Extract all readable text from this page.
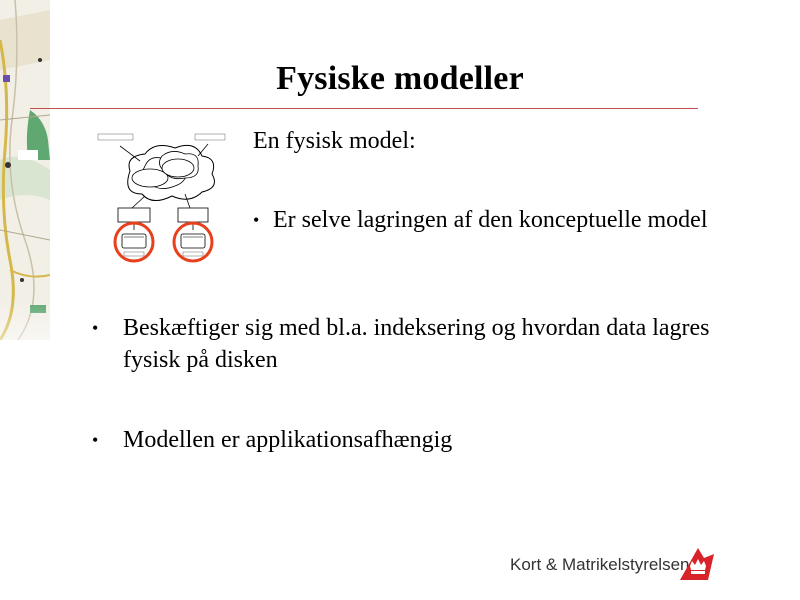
Fysiske modeller
En fysisk model:
• Er selve lagringen af den konceptuelle model
• Beskæftiger sig med bl.a. indeksering og hvordan data lagres fysisk på disken
• Modellen er applikationsafhængig
Kort & Matrikelstyrelsen
